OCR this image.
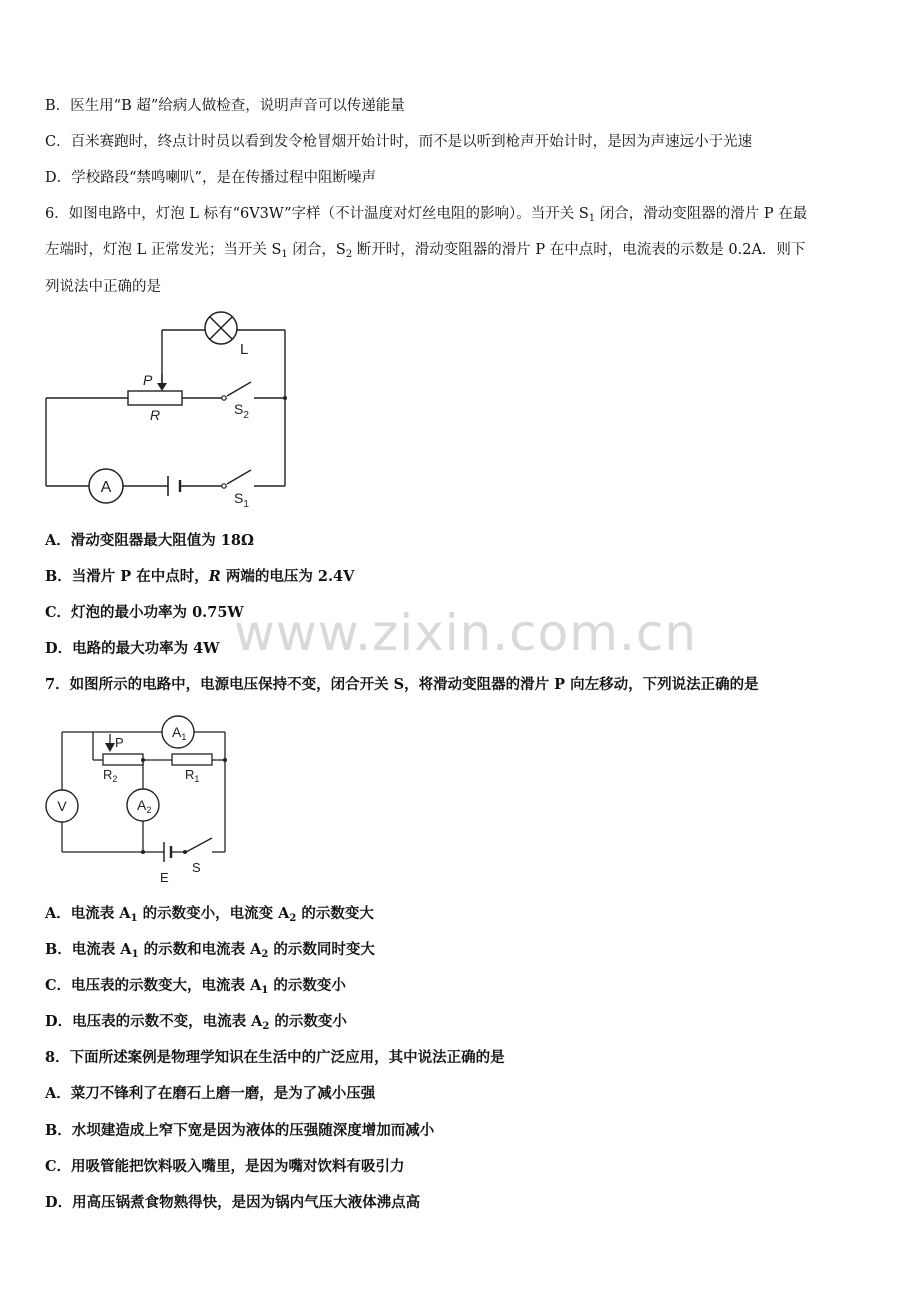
B．医生用“B 超”给病人做检查，说明声音可以传递能量
C．百米赛跑时，终点计时员以看到发令枪冒烟开始计时，而不是以听到枪声开始计时，是因为声速远小于光速
D．学校路段“禁鸣喇叭”，是在传播过程中阻断噪声
6．如图电路中，灯泡 L 标有“6V3W”字样（不计温度对灯丝电阻的影响）。当开关 $S_1$ 闭合，滑动变阻器的滑片 P 在最
左端时，灯泡 L 正常发光；当开关 $S_1$ 闭合，$S_2$ 断开时，滑动变阻器的滑片 P 在中点时，电流表的示数是 0.2A．则下
列说法中正确的是
A
L
P
R	$S_2$
$S_1$
A．滑动变阻器最大阻值为 18Ω
B．当滑片 P 在中点时，R 两端的电压为 2.4V
C．灯泡的最小功率为 0.75W
D．电路的最大功率为 4W
7．如图所示的电路中，电源电压保持不变，闭合开关 S，将滑动变阻器的滑片 P 向左移动，下列说法正确的是
$A_1$
$A_2$
V
P
$R_2$	$R_1$
E
S
A．电流表 $A_1$ 的示数变小，电流变 $A_2$ 的示数变大
B．电流表 $A_1$ 的示数和电流表 $A_2$ 的示数同时变大
C．电压表的示数变大，电流表 $A_1$ 的示数变小
D．电压表的示数不变，电流表 $A_2$ 的示数变小
8．下面所述案例是物理学知识在生活中的广泛应用，其中说法正确的是
A．菜刀不锋利了在磨石上磨一磨，是为了减小压强
B．水坝建造成上窄下宽是因为液体的压强随深度增加而减小
C．用吸管能把饮料吸入嘴里，是因为嘴对饮料有吸引力
D．用高压锅煮食物熟得快，是因为锅内气压大液体沸点高
www.zixin.com.cn
